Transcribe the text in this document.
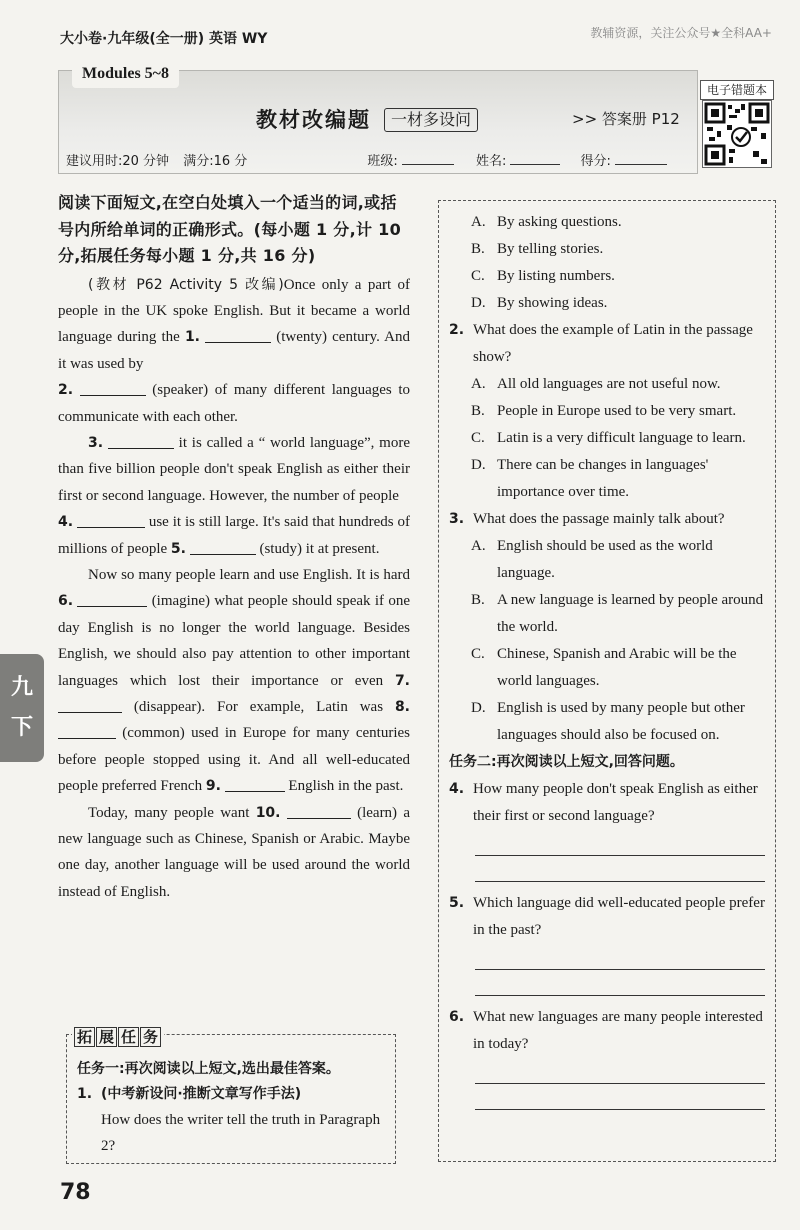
大小卷·九年级(全一册) 英语 WY	教辅资源，关注公众号★全科AA+
Modules 5~8
教材改编题	一材多设问	>> 答案册 P12
电子错题本
建议用时:20 分钟 满分:16 分	班级:	姓名:	得分:
九
下
阅读下面短文,在空白处填入一个适当的词,或括号内所给单词的正确形式。(每小题 1 分,计 10 分,拓展任务每小题 1 分,共 16 分)

(教材 P62 Activity 5 改编)Once only a part of people in the UK spoke English. But it became a world language during the 1.	(twenty) century. And it was used by
2.	(speaker) of many different languages to communicate with each other.

3.	it is called a “ world language”, more than five billion people don't speak English as either their first or second language. However, the number of people
4.	use it is still large. It's said that hundreds of millions of people 5.	(study) it at present.

Now so many people learn and use English. It is hard 6.	(imagine) what people should speak if one day English is no longer the world language. Besides English, we should also pay attention to other important languages which lost their importance or even 7.  (disappear). For example, Latin was 8.  (common) used in Europe for many centuries before people stopped using it. And all well-educated people preferred French 9.	English in the past.

Today, many people want 10.	(learn) a new language such as Chinese, Spanish or Arabic. Maybe one day, another language will be used around the world instead of English.

任务一:再次阅读以上短文,选出最佳答案。
1. (中考新设问·推断文章写作手法)
How does the writer tell the truth in Paragraph 2?
拓 展 任 务
A. By asking questions.
B. By telling stories.
C. By listing numbers.
D. By showing ideas.
2. What does the example of Latin in the passage show?
A. All old languages are not useful now.
B. People in Europe used to be very smart.
C. Latin is a very difficult language to learn.
D. There can be changes in languages' importance over time.
3. What does the passage mainly talk about?
A. English should be used as the world language.
B. A new language is learned by people around the world.
C. Chinese, Spanish and Arabic will be the world languages.
D. English is used by many people but other languages should also be focused on.
任务二:再次阅读以上短文,回答问题。
4. How many people don't speak English as either their first or second language?
5. Which language did well-educated people prefer in the past?
6. What new languages are many people interested in today?
78
